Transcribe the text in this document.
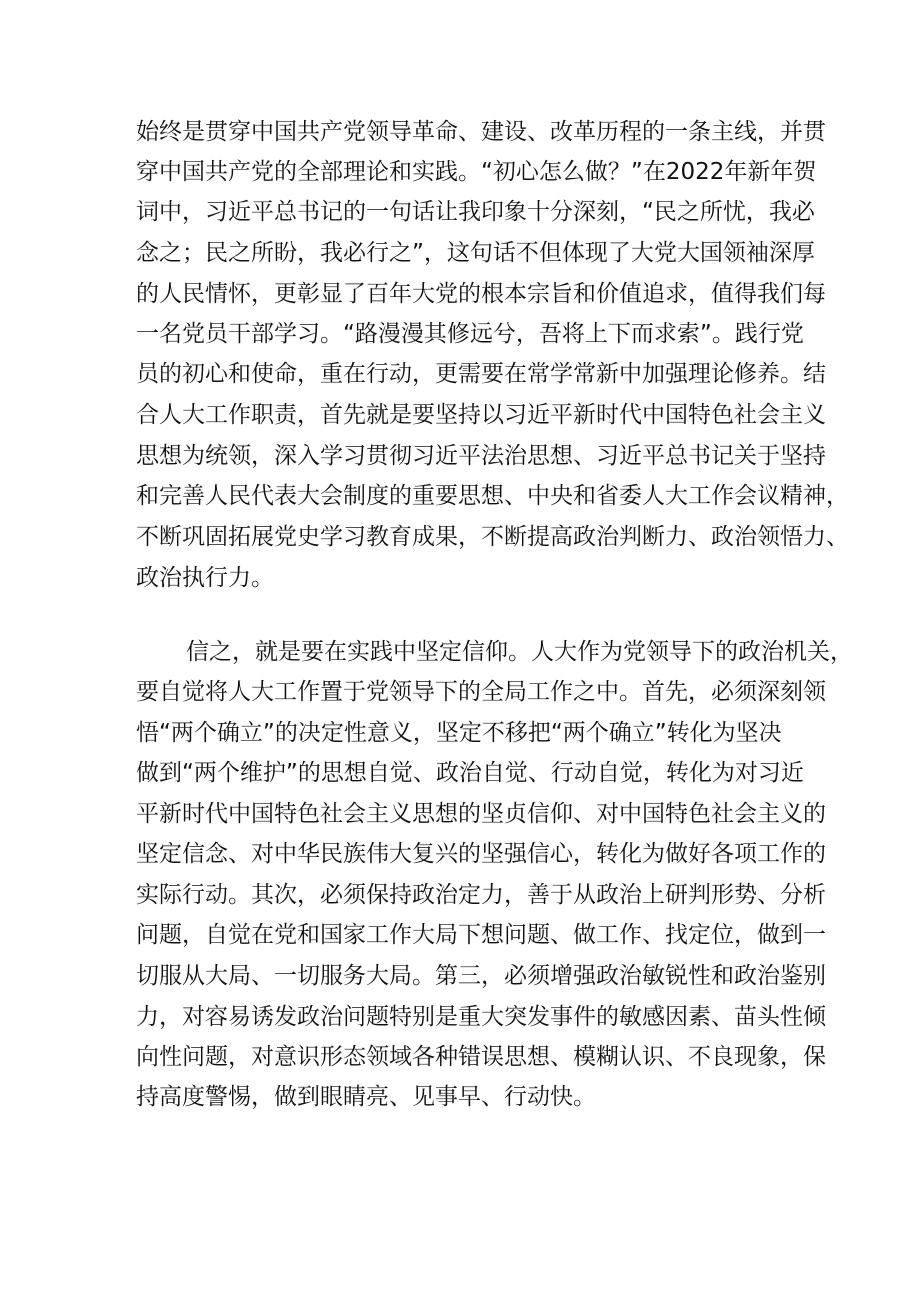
始终是贯穿中国共产党领导革命、建设、改革历程的一条主线，并贯
穿中国共产党的全部理论和实践。“初心怎么做？”在2022年新年贺
词中，习近平总书记的一句话让我印象十分深刻，“民之所忧，我必
念之；民之所盼，我必行之”，这句话不但体现了大党大国领袖深厚
的人民情怀，更彰显了百年大党的根本宗旨和价值追求，值得我们每
一名党员干部学习。“路漫漫其修远兮，吾将上下而求索”。践行党
员的初心和使命，重在行动，更需要在常学常新中加强理论修养。结
合人大工作职责，首先就是要坚持以习近平新时代中国特色社会主义
思想为统领，深入学习贯彻习近平法治思想、习近平总书记关于坚持
和完善人民代表大会制度的重要思想、中央和省委人大工作会议精神，
不断巩固拓展党史学习教育成果，不断提高政治判断力、政治领悟力、
政治执行力。
信之，就是要在实践中坚定信仰。人大作为党领导下的政治机关，
要自觉将人大工作置于党领导下的全局工作之中。首先，必须深刻领
悟“两个确立”的决定性意义，坚定不移把“两个确立”转化为坚决
做到“两个维护”的思想自觉、政治自觉、行动自觉，转化为对习近
平新时代中国特色社会主义思想的坚贞信仰、对中国特色社会主义的
坚定信念、对中华民族伟大复兴的坚强信心，转化为做好各项工作的
实际行动。其次，必须保持政治定力，善于从政治上研判形势、分析
问题，自觉在党和国家工作大局下想问题、做工作、找定位，做到一
切服从大局、一切服务大局。第三，必须增强政治敏锐性和政治鉴别
力，对容易诱发政治问题特别是重大突发事件的敏感因素、苗头性倾
向性问题，对意识形态领域各种错误思想、模糊认识、不良现象，保
持高度警惕，做到眼睛亮、见事早、行动快。
